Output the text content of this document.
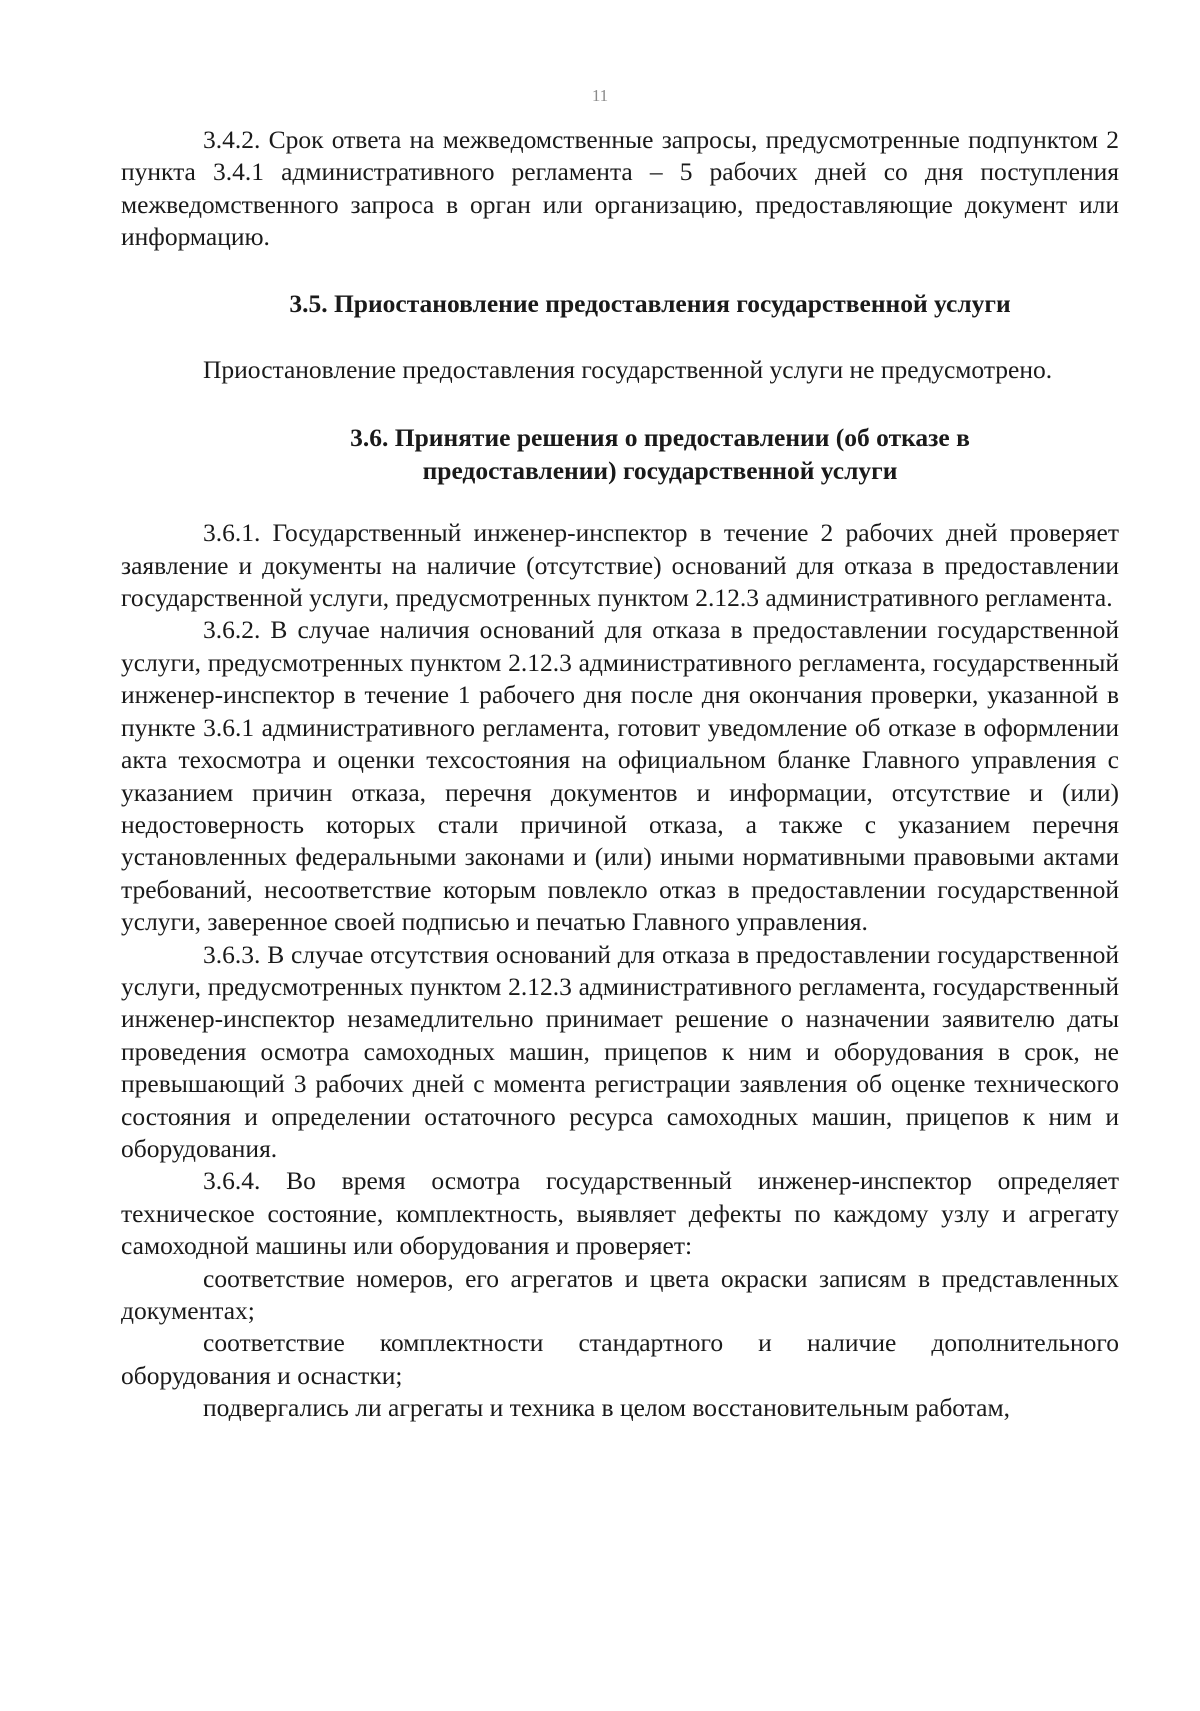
11

3.4.2. Срок ответа на межведомственные запросы, предусмотренные подпунктом 2 пункта 3.4.1 административного регламента – 5 рабочих дней со дня поступления межведомственного запроса в орган или организацию, предоставляющие документ или информацию.

3.5. Приостановление предоставления государственной услуги

Приостановление предоставления государственной услуги не предусмотрено.

3.6. Принятие решения о предоставлении (об отказе в предоставлении) государственной услуги

3.6.1. Государственный инженер-инспектор в течение 2 рабочих дней проверяет заявление и документы на наличие (отсутствие) оснований для отказа в предоставлении государственной услуги, предусмотренных пунктом 2.12.3 административного регламента.

3.6.2. В случае наличия оснований для отказа в предоставлении государственной услуги, предусмотренных пунктом 2.12.3 административного регламента, государственный инженер-инспектор в течение 1 рабочего дня после дня окончания проверки, указанной в пункте 3.6.1 административного регламента, готовит уведомление об отказе в оформлении акта техосмотра и оценки техсостояния на официальном бланке Главного управления с указанием причин отказа, перечня документов и информации, отсутствие и (или) недостоверность которых стали причиной отказа, а также с указанием перечня установленных федеральными законами и (или) иными нормативными правовыми актами требований, несоответствие которым повлекло отказ в предоставлении государственной услуги, заверенное своей подписью и печатью Главного управления.

3.6.3. В случае отсутствия оснований для отказа в предоставлении государственной услуги, предусмотренных пунктом 2.12.3 административного регламента, государственный инженер-инспектор незамедлительно принимает решение о назначении заявителю даты проведения осмотра самоходных машин, прицепов к ним и оборудования в срок, не превышающий 3 рабочих дней с момента регистрации заявления об оценке технического состояния и определении остаточного ресурса самоходных машин, прицепов к ним и оборудования.

3.6.4. Во время осмотра государственный инженер-инспектор определяет техническое состояние, комплектность, выявляет дефекты по каждому узлу и агрегату самоходной машины или оборудования и проверяет:

соответствие номеров, его агрегатов и цвета окраски записям в представленных документах;

соответствие комплектности стандартного и наличие дополнительного оборудования и оснастки;

подвергались ли агрегаты и техника в целом восстановительным работам,
